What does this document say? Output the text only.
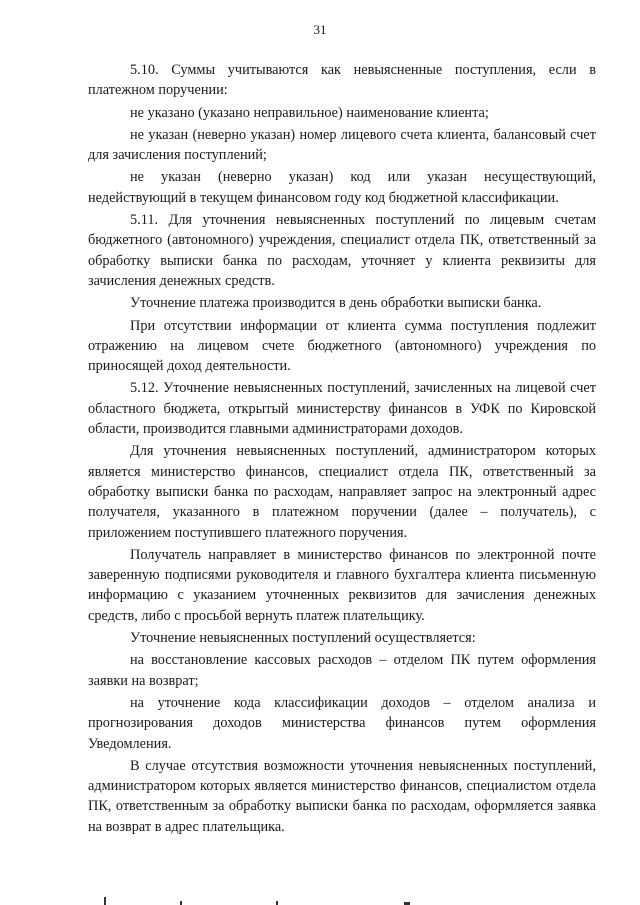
31

5.10. Суммы учитываются как невыясненные поступления, если в платежном поручении:

не указано (указано неправильное) наименование клиента;

не указан (неверно указан) номер лицевого счета клиента, балансовый счет для зачисления поступлений;

не указан (неверно указан) код или указан несуществующий, недействующий в текущем финансовом году код бюджетной классификации.

5.11. Для уточнения невыясненных поступлений по лицевым счетам бюджетного (автономного) учреждения, специалист отдела ПК, ответственный за обработку выписки банка по расходам, уточняет у клиента реквизиты для зачисления денежных средств.

Уточнение платежа производится в день обработки выписки банка.

При отсутствии информации от клиента сумма поступления подлежит отражению на лицевом счете бюджетного (автономного) учреждения по приносящей доход деятельности.

5.12. Уточнение невыясненных поступлений, зачисленных на лицевой счет областного бюджета, открытый министерству финансов в УФК по Кировской области, производится главными администраторами доходов.

Для уточнения невыясненных поступлений, администратором которых является министерство финансов, специалист отдела ПК, ответственный за обработку выписки банка по расходам, направляет запрос на электронный адрес получателя, указанного в платежном поручении (далее – получатель), с приложением поступившего платежного поручения.

Получатель направляет в министерство финансов по электронной почте заверенную подписями руководителя и главного бухгалтера клиента письменную информацию с указанием уточненных реквизитов для зачисления денежных средств, либо с просьбой вернуть платеж плательщику.

Уточнение невыясненных поступлений осуществляется:

на восстановление кассовых расходов – отделом ПК путем оформления заявки на возврат;

на уточнение кода классификации доходов – отделом анализа и прогнозирования доходов министерства финансов путем оформления Уведомления.

В случае отсутствия возможности уточнения невыясненных поступлений, администратором которых является министерство финансов, специалистом отдела ПК, ответственным за обработку выписки банка по расходам, оформляется заявка на возврат в адрес плательщика.
